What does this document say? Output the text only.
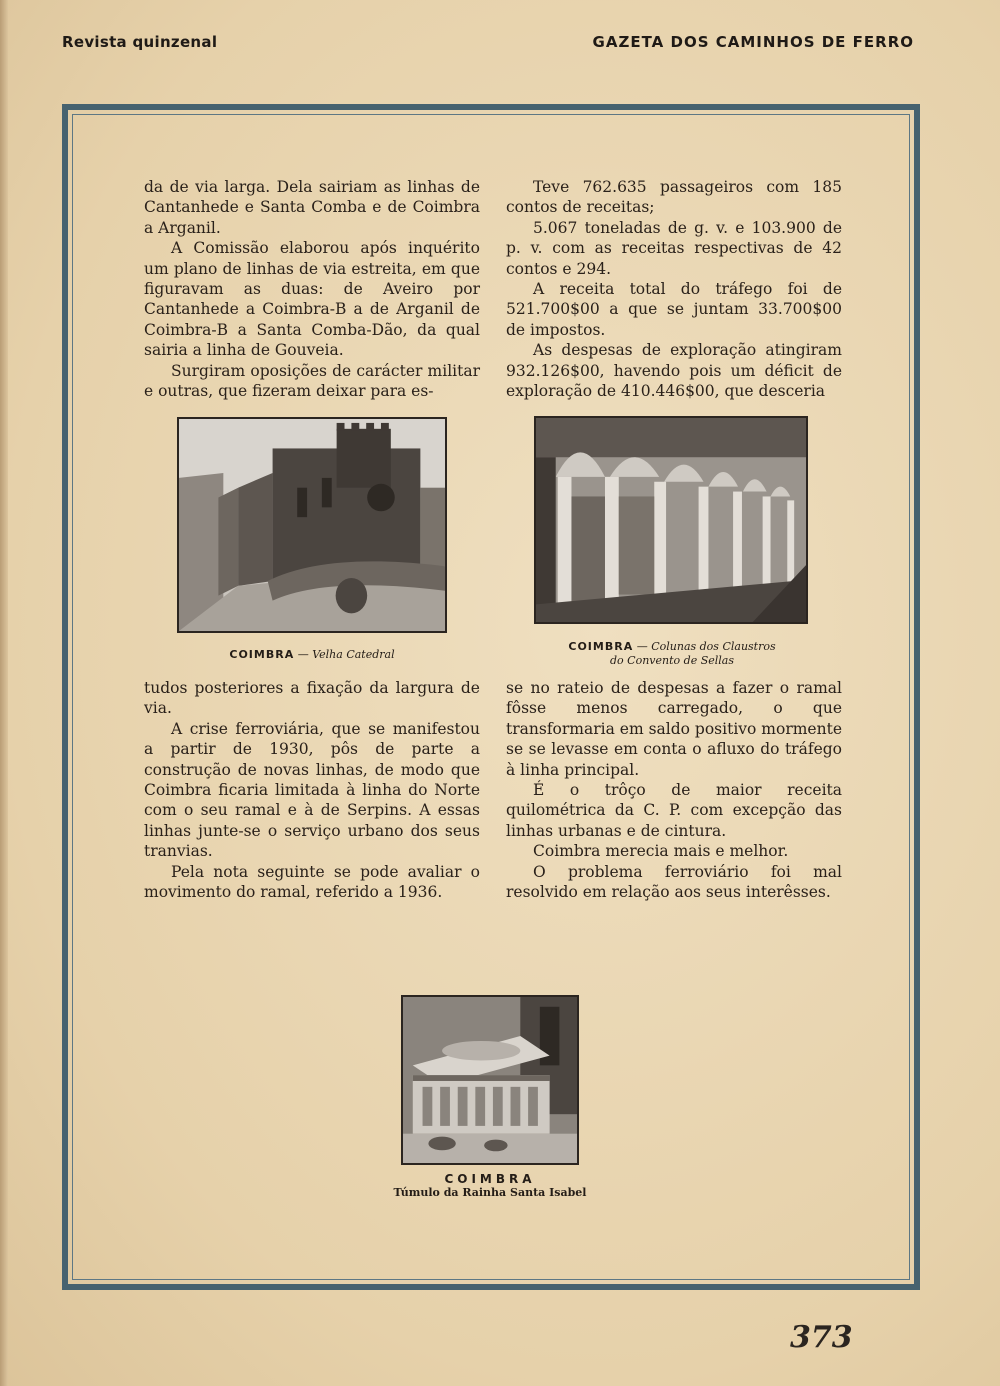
Revista quinzenal	GAZETA DOS CAMINHOS DE FERRO

da de via larga. Dela sairiam as linhas de Cantanhede e Santa Comba e de Coimbra a Arganil.

A Comissão elaborou após inquérito um plano de linhas de via estreita, em que figuravam as duas: de Aveiro por Cantanhede a Coimbra-B a de Arganil de Coimbra-B a Santa Comba-Dão, da qual sairia a linha de Gouveia.

Surgiram oposições de carácter militar e outras, que fizeram deixar para es-

Teve 762.635 passageiros com 185 contos de receitas;

5.067 toneladas de g. v. e 103.900 de p. v. com as receitas respectivas de 42 contos e 294.

A receita total do tráfego foi de 521.700$00 a que se juntam 33.700$00 de impostos.

As despesas de exploração atingiram 932.126$00, havendo pois um déficit de exploração de 410.446$00, que desceria

COIMBRA — Velha Catedral
COIMBRA — Colunas dos Claustros
do Convento de Sellas

tudos posteriores a fixação da largura de via.

A crise ferroviária, que se manifestou a partir de 1930, pôs de parte a construção de novas linhas, de modo que Coimbra ficaria limitada à linha do Norte com o seu ramal e à de Serpins. A essas linhas junte-se o serviço urbano dos seus tranvias.

Pela nota seguinte se pode avaliar o movimento do ramal, referido a 1936.

se no rateio de despesas a fazer o ramal fôsse menos carregado, o que transformaria em saldo positivo mormente se se levasse em conta o afluxo do tráfego à linha principal.

É o trôço de maior receita quilométrica da C. P. com excepção das linhas urbanas e de cintura.

Coimbra merecia mais e melhor.

O problema ferroviário foi mal resolvido em relação aos seus interêsses.

COIMBRA
Túmulo da Rainha Santa Isabel
373
